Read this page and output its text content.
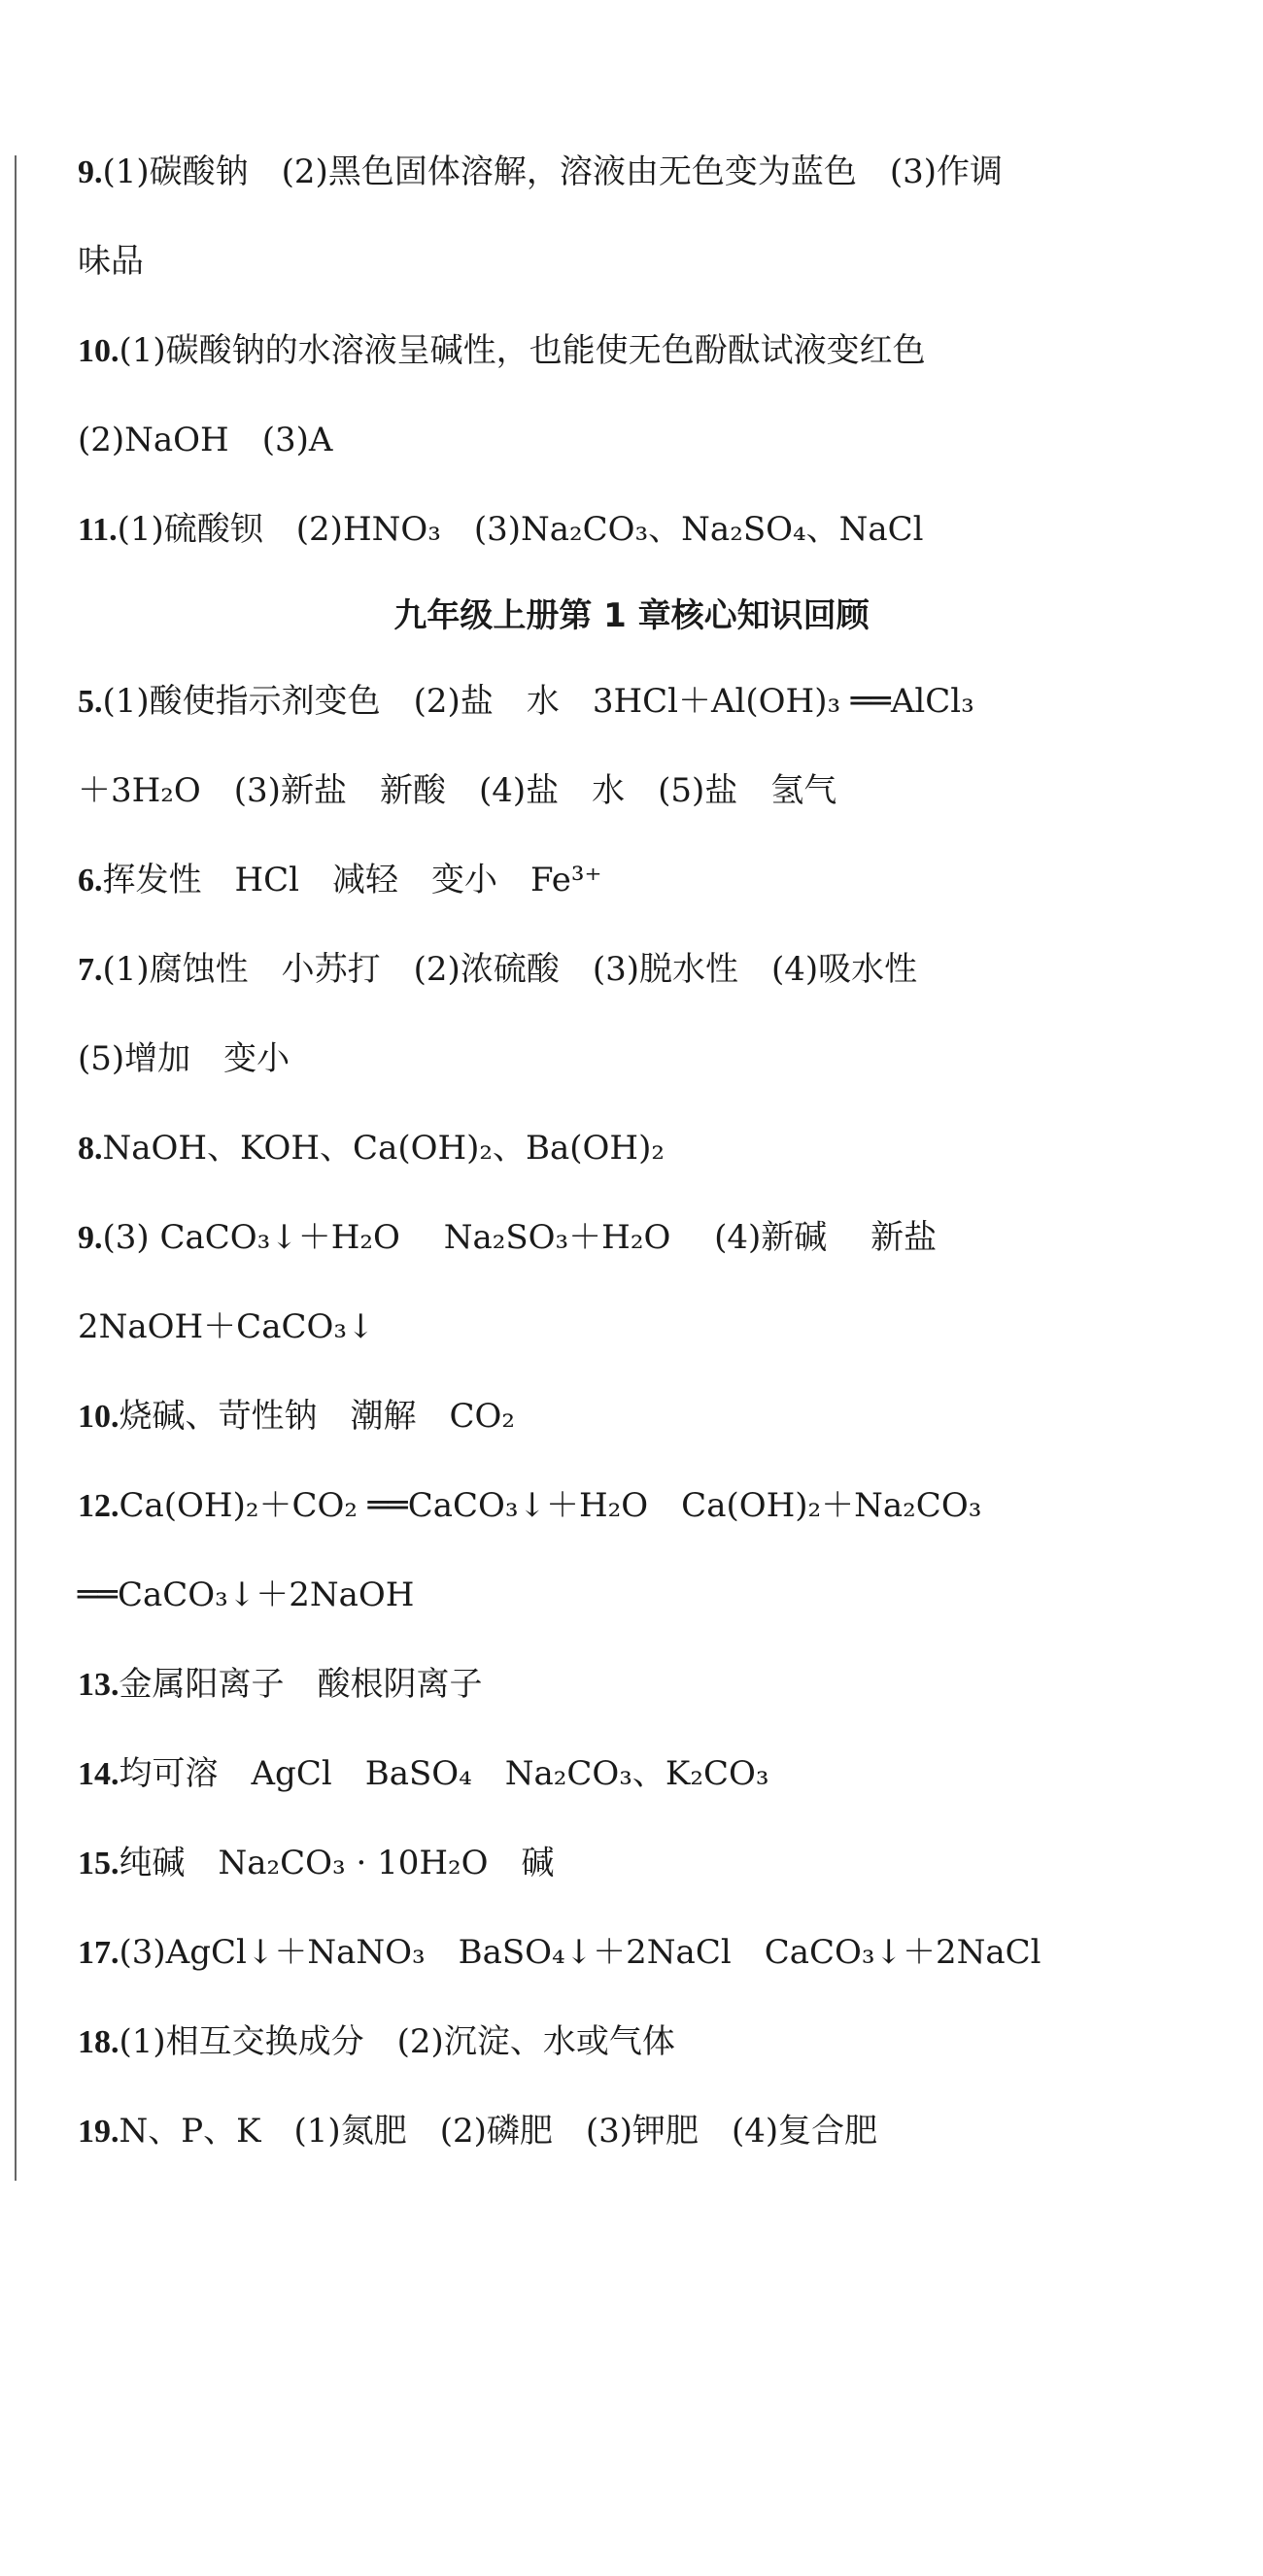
9.(1)碳酸钠　(2)黑色固体溶解，溶液由无色变为蓝色　(3)作调
味品
10.(1)碳酸钠的水溶液呈碱性，也能使无色酚酞试液变红色
(2)NaOH　(3)A
11.(1)硫酸钡　(2)HNO₃　(3)Na₂CO₃、Na₂SO₄、NaCl
九年级上册第 1 章核心知识回顾
5.(1)酸使指示剂变色　(2)盐　水　3HCl＋Al(OH)₃ ══AlCl₃
＋3H₂O　(3)新盐　新酸　(4)盐　水　(5)盐　氢气
6.挥发性　HCl　减轻　变小　Fe³⁺
7.(1)腐蚀性　小苏打　(2)浓硫酸　(3)脱水性　(4)吸水性
(5)增加　变小
8.NaOH、KOH、Ca(OH)₂、Ba(OH)₂
9.(3) CaCO₃↓＋H₂O　 Na₂SO₃＋H₂O　 (4)新碱　 新盐
2NaOH＋CaCO₃↓
10.烧碱、苛性钠　潮解　CO₂
12.Ca(OH)₂＋CO₂ ══CaCO₃↓＋H₂O　Ca(OH)₂＋Na₂CO₃
══CaCO₃↓＋2NaOH
13.金属阳离子　酸根阴离子
14.均可溶　AgCl　BaSO₄　Na₂CO₃、K₂CO₃
15.纯碱　Na₂CO₃ · 10H₂O　碱
17.(3)AgCl↓＋NaNO₃　BaSO₄↓＋2NaCl　CaCO₃↓＋2NaCl
18.(1)相互交换成分　(2)沉淀、水或气体
19.N、P、K　(1)氮肥　(2)磷肥　(3)钾肥　(4)复合肥
